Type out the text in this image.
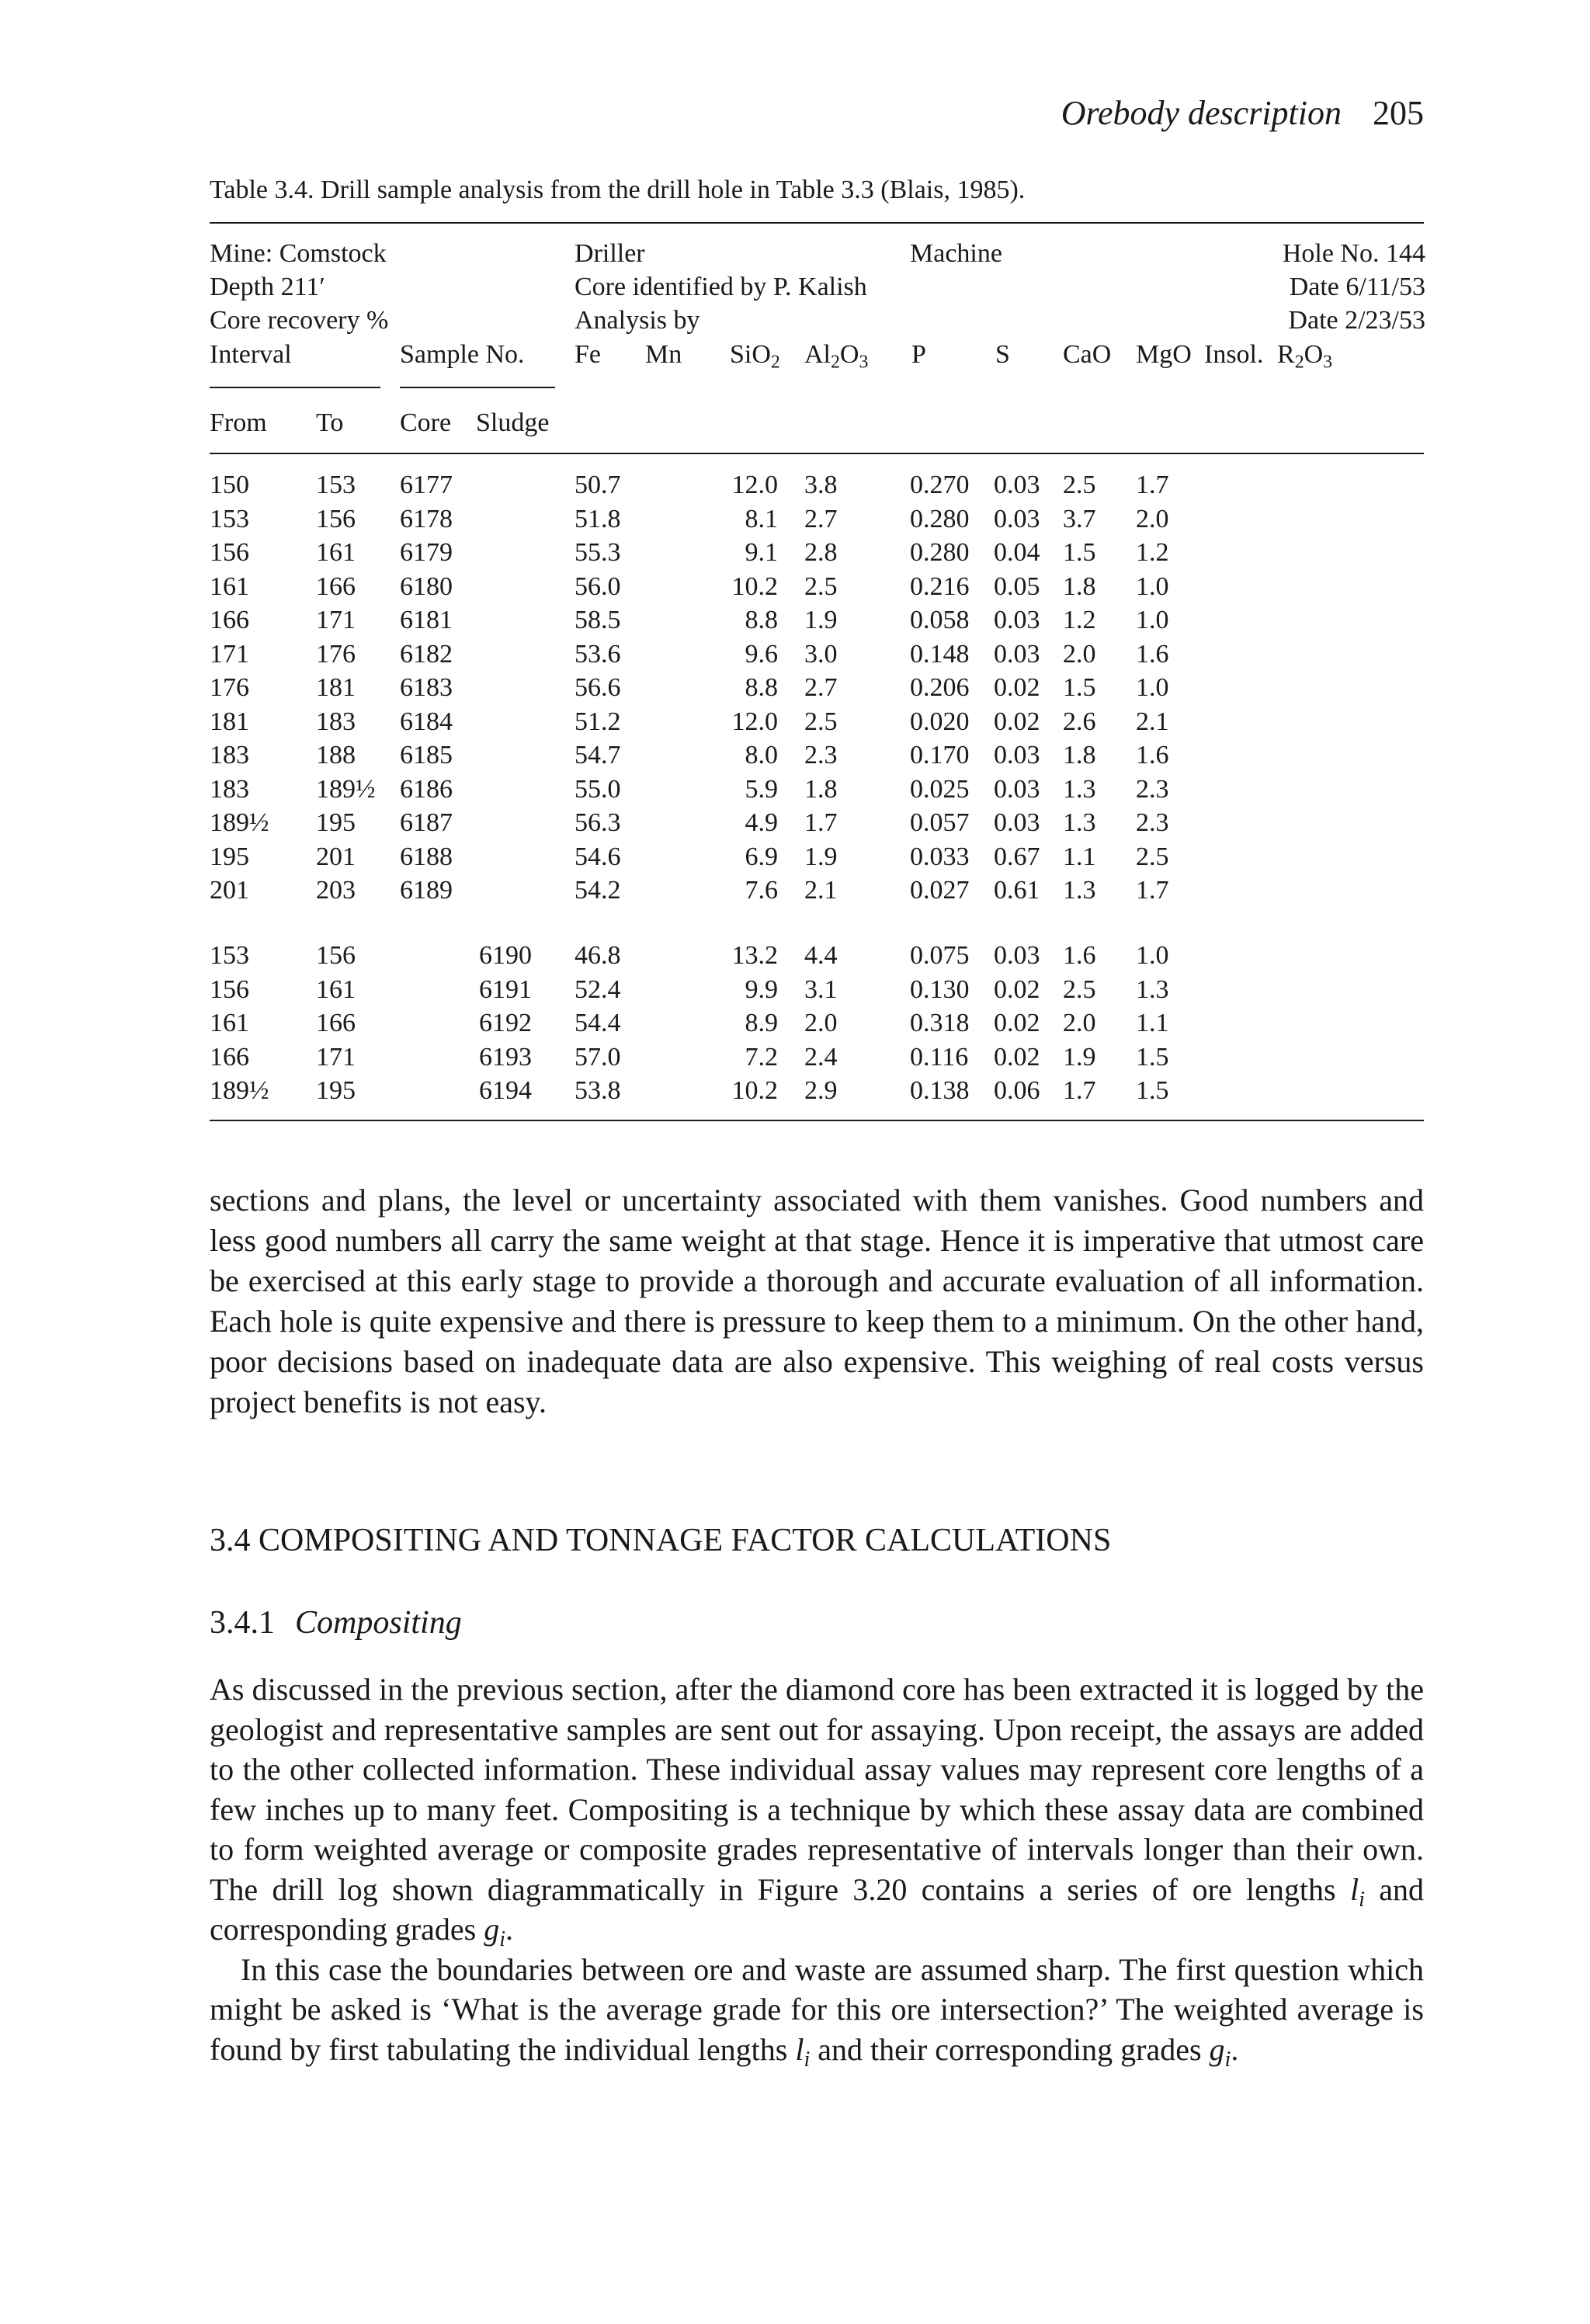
Orebody description 205
Table 3.4. Drill sample analysis from the drill hole in Table 3.3 (Blais, 1985).
Mine: Comstock	Driller	Machine	Hole No. 144
Depth 211′	Core identified by P. Kalish	Date 6/11/53
Core recovery %	Analysis by	Date 2/23/53
Interval	Sample No. Fe Mn SiO$_2$ $Al_2O_3$ P	S CaO MgO Insol. $R_2O_3$
From To Core Sludge
150	153 6177	50.7	12.0 3.8	0.270 0.03 2.5 1.7
153	156 6178	51.8	8.1 2.7	0.280 0.03 3.7 2.0
156	161 6179	55.3	9.1 2.8	0.280 0.04 1.5 1.2
161	166 6180	56.0	10.2 2.5	0.216 0.05 1.8 1.0
166	171 6181	58.5	8.8 1.9	0.058 0.03 1.2 1.0
171	176 6182	53.6	9.6 3.0	0.148 0.03 2.0 1.6
176	181 6183	56.6	8.8 2.7	0.206 0.02 1.5 1.0
181	183 6184	51.2	12.0 2.5	0.020 0.02 2.6 2.1
183	188 6185	54.7	8.0 2.3	0.170 0.03 1.8 1.6
183	189½ 6186	55.0	5.9 1.8	0.025 0.03 1.3 2.3
189½ 195 6187	56.3	4.9 1.7	0.057 0.03 1.3 2.3
195	201 6188	54.6	6.9 1.9	0.033 0.67 1.1 2.5
201	203 6189	54.2	7.6 2.1	0.027 0.61 1.3 1.7
153	156	6190 46.8	13.2 4.4	0.075 0.03 1.6 1.0
156	161	6191 52.4	9.9 3.1	0.130 0.02 2.5 1.3
161	166	6192 54.4	8.9 2.0	0.318 0.02 2.0 1.1
166	171	6193 57.0	7.2 2.4	0.116 0.02 1.9 1.5
189½ 195	6194 53.8	10.2 2.9	0.138 0.06 1.7 1.5

sections and plans, the level or uncertainty associated with them vanishes. Good numbers and less good numbers all carry the same weight at that stage. Hence it is imperative that utmost care be exercised at this early stage to provide a thorough and accurate evaluation of all information. Each hole is quite expensive and there is pressure to keep them to a minimum. On the other hand, poor decisions based on inadequate data are also expensive. This weighing of real costs versus project benefits is not easy.

3.4 COMPOSITING AND TONNAGE FACTOR CALCULATIONS
3.4.1 Compositing

As discussed in the previous section, after the diamond core has been extracted it is logged by the geologist and representative samples are sent out for assaying. Upon receipt, the assays are added to the other collected information. These individual assay values may represent core lengths of a few inches up to many feet. Compositing is a technique by which these assay data are combined to form weighted average or composite grades representative of intervals longer than their own. The drill log shown diagrammatically in Figure 3.20 contains a series of ore lengths $l_i$ and corresponding grades $g_i$.

In this case the boundaries between ore and waste are assumed sharp. The first question which might be asked is ‘What is the average grade for this ore intersection?’ The weighted average is found by first tabulating the individual lengths $l_i$ and their corresponding grades $g_i$.
